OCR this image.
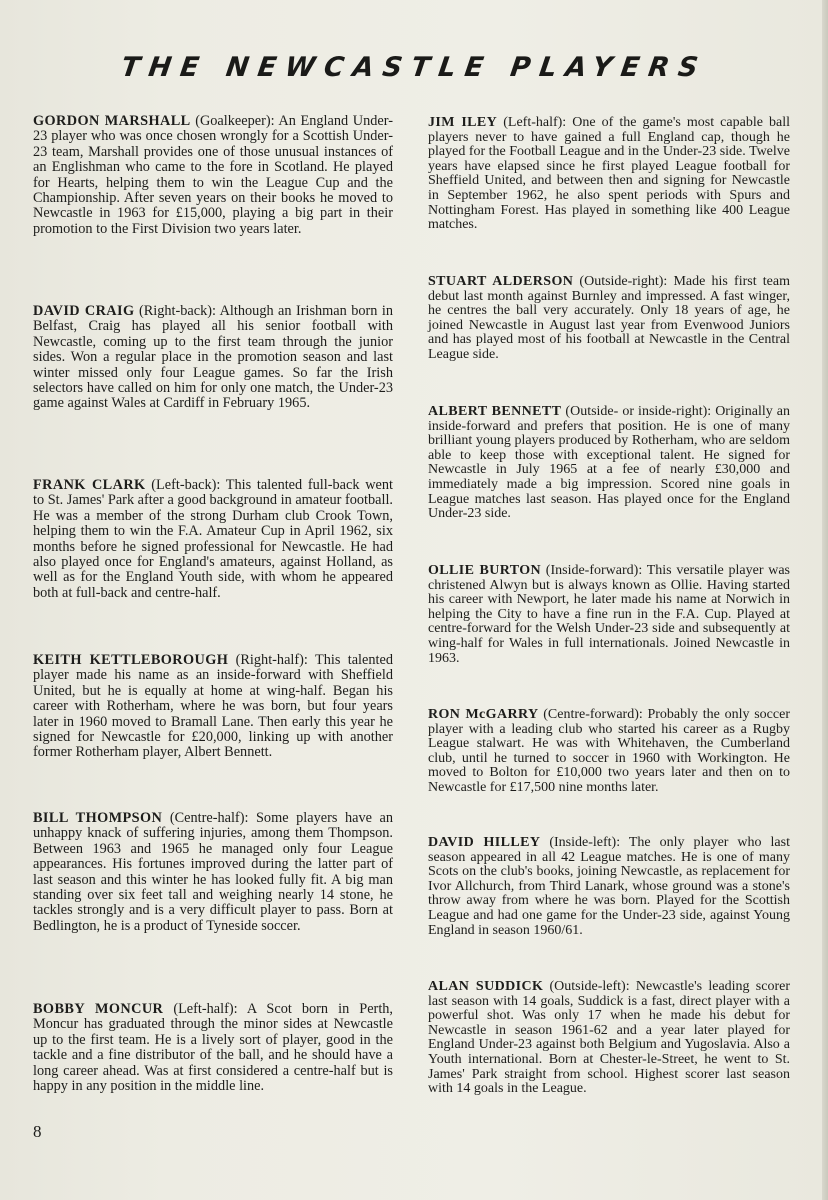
THE NEWCASTLE PLAYERS

GORDON MARSHALL (Goalkeeper): An England Under-23 player who was once chosen wrongly for a Scottish Under-23 team, Marshall provides one of those unusual instances of an Englishman who came to the fore in Scotland. He played for Hearts, helping them to win the League Cup and the Championship. After seven years on their books he moved to Newcastle in 1963 for £15,000, playing a big part in their promotion to the First Division two years later.

DAVID CRAIG (Right-back): Although an Irishman born in Belfast, Craig has played all his senior football with Newcastle, coming up to the first team through the junior sides. Won a regular place in the promotion season and last winter missed only four League games. So far the Irish selectors have called on him for only one match, the Under-23 game against Wales at Cardiff in February 1965.

FRANK CLARK (Left-back): This talented full-back went to St. James' Park after a good background in amateur football. He was a member of the strong Durham club Crook Town, helping them to win the F.A. Amateur Cup in April 1962, six months before he signed professional for Newcastle. He had also played once for England's amateurs, against Holland, as well as for the England Youth side, with whom he appeared both at full-back and centre-half.

KEITH KETTLEBOROUGH (Right-half): This talented player made his name as an inside-forward with Sheffield United, but he is equally at home at wing-half. Began his career with Rotherham, where he was born, but four years later in 1960 moved to Bramall Lane. Then early this year he signed for Newcastle for £20,000, linking up with another former Rotherham player, Albert Bennett.

BILL THOMPSON (Centre-half): Some players have an unhappy knack of suffering injuries, among them Thompson. Between 1963 and 1965 he managed only four League appearances. His fortunes improved during the latter part of last season and this winter he has looked fully fit. A big man standing over six feet tall and weighing nearly 14 stone, he tackles strongly and is a very difficult player to pass. Born at Bedlington, he is a product of Tyneside soccer.

BOBBY MONCUR (Left-half): A Scot born in Perth, Moncur has graduated through the minor sides at Newcastle up to the first team. He is a lively sort of player, good in the tackle and a fine distributor of the ball, and he should have a long career ahead. Was at first considered a centre-half but is happy in any position in the middle line.

JIM ILEY (Left-half): One of the game's most capable ball players never to have gained a full England cap, though he played for the Football League and in the Under-23 side. Twelve years have elapsed since he first played League football for Sheffield United, and between then and signing for Newcastle in September 1962, he also spent periods with Spurs and Nottingham Forest. Has played in something like 400 League matches.

STUART ALDERSON (Outside-right): Made his first team debut last month against Burnley and impressed. A fast winger, he centres the ball very accurately. Only 18 years of age, he joined Newcastle in August last year from Evenwood Juniors and has played most of his football at Newcastle in the Central League side.

ALBERT BENNETT (Outside- or inside-right): Originally an inside-forward and prefers that position. He is one of many brilliant young players produced by Rotherham, who are seldom able to keep those with exceptional talent. He signed for Newcastle in July 1965 at a fee of nearly £30,000 and immediately made a big impression. Scored nine goals in League matches last season. Has played once for the England Under-23 side.

OLLIE BURTON (Inside-forward): This versatile player was christened Alwyn but is always known as Ollie. Having started his career with Newport, he later made his name at Norwich in helping the City to have a fine run in the F.A. Cup. Played at centre-forward for the Welsh Under-23 side and subsequently at wing-half for Wales in full internationals. Joined Newcastle in 1963.

RON McGARRY (Centre-forward): Probably the only soccer player with a leading club who started his career as a Rugby League stalwart. He was with Whitehaven, the Cumberland club, until he turned to soccer in 1960 with Workington. He moved to Bolton for £10,000 two years later and then on to Newcastle for £17,500 nine months later.

DAVID HILLEY (Inside-left): The only player who last season appeared in all 42 League matches. He is one of many Scots on the club's books, joining Newcastle, as replacement for Ivor Allchurch, from Third Lanark, whose ground was a stone's throw away from where he was born. Played for the Scottish League and had one game for the Under-23 side, against Young England in season 1960/61.

ALAN SUDDICK (Outside-left): Newcastle's leading scorer last season with 14 goals, Suddick is a fast, direct player with a powerful shot. Was only 17 when he made his debut for Newcastle in season 1961-62 and a year later played for England Under-23 against both Belgium and Yugoslavia. Also a Youth international. Born at Chester-le-Street, he went to St. James' Park straight from school. Highest scorer last season with 14 goals in the League.

8
